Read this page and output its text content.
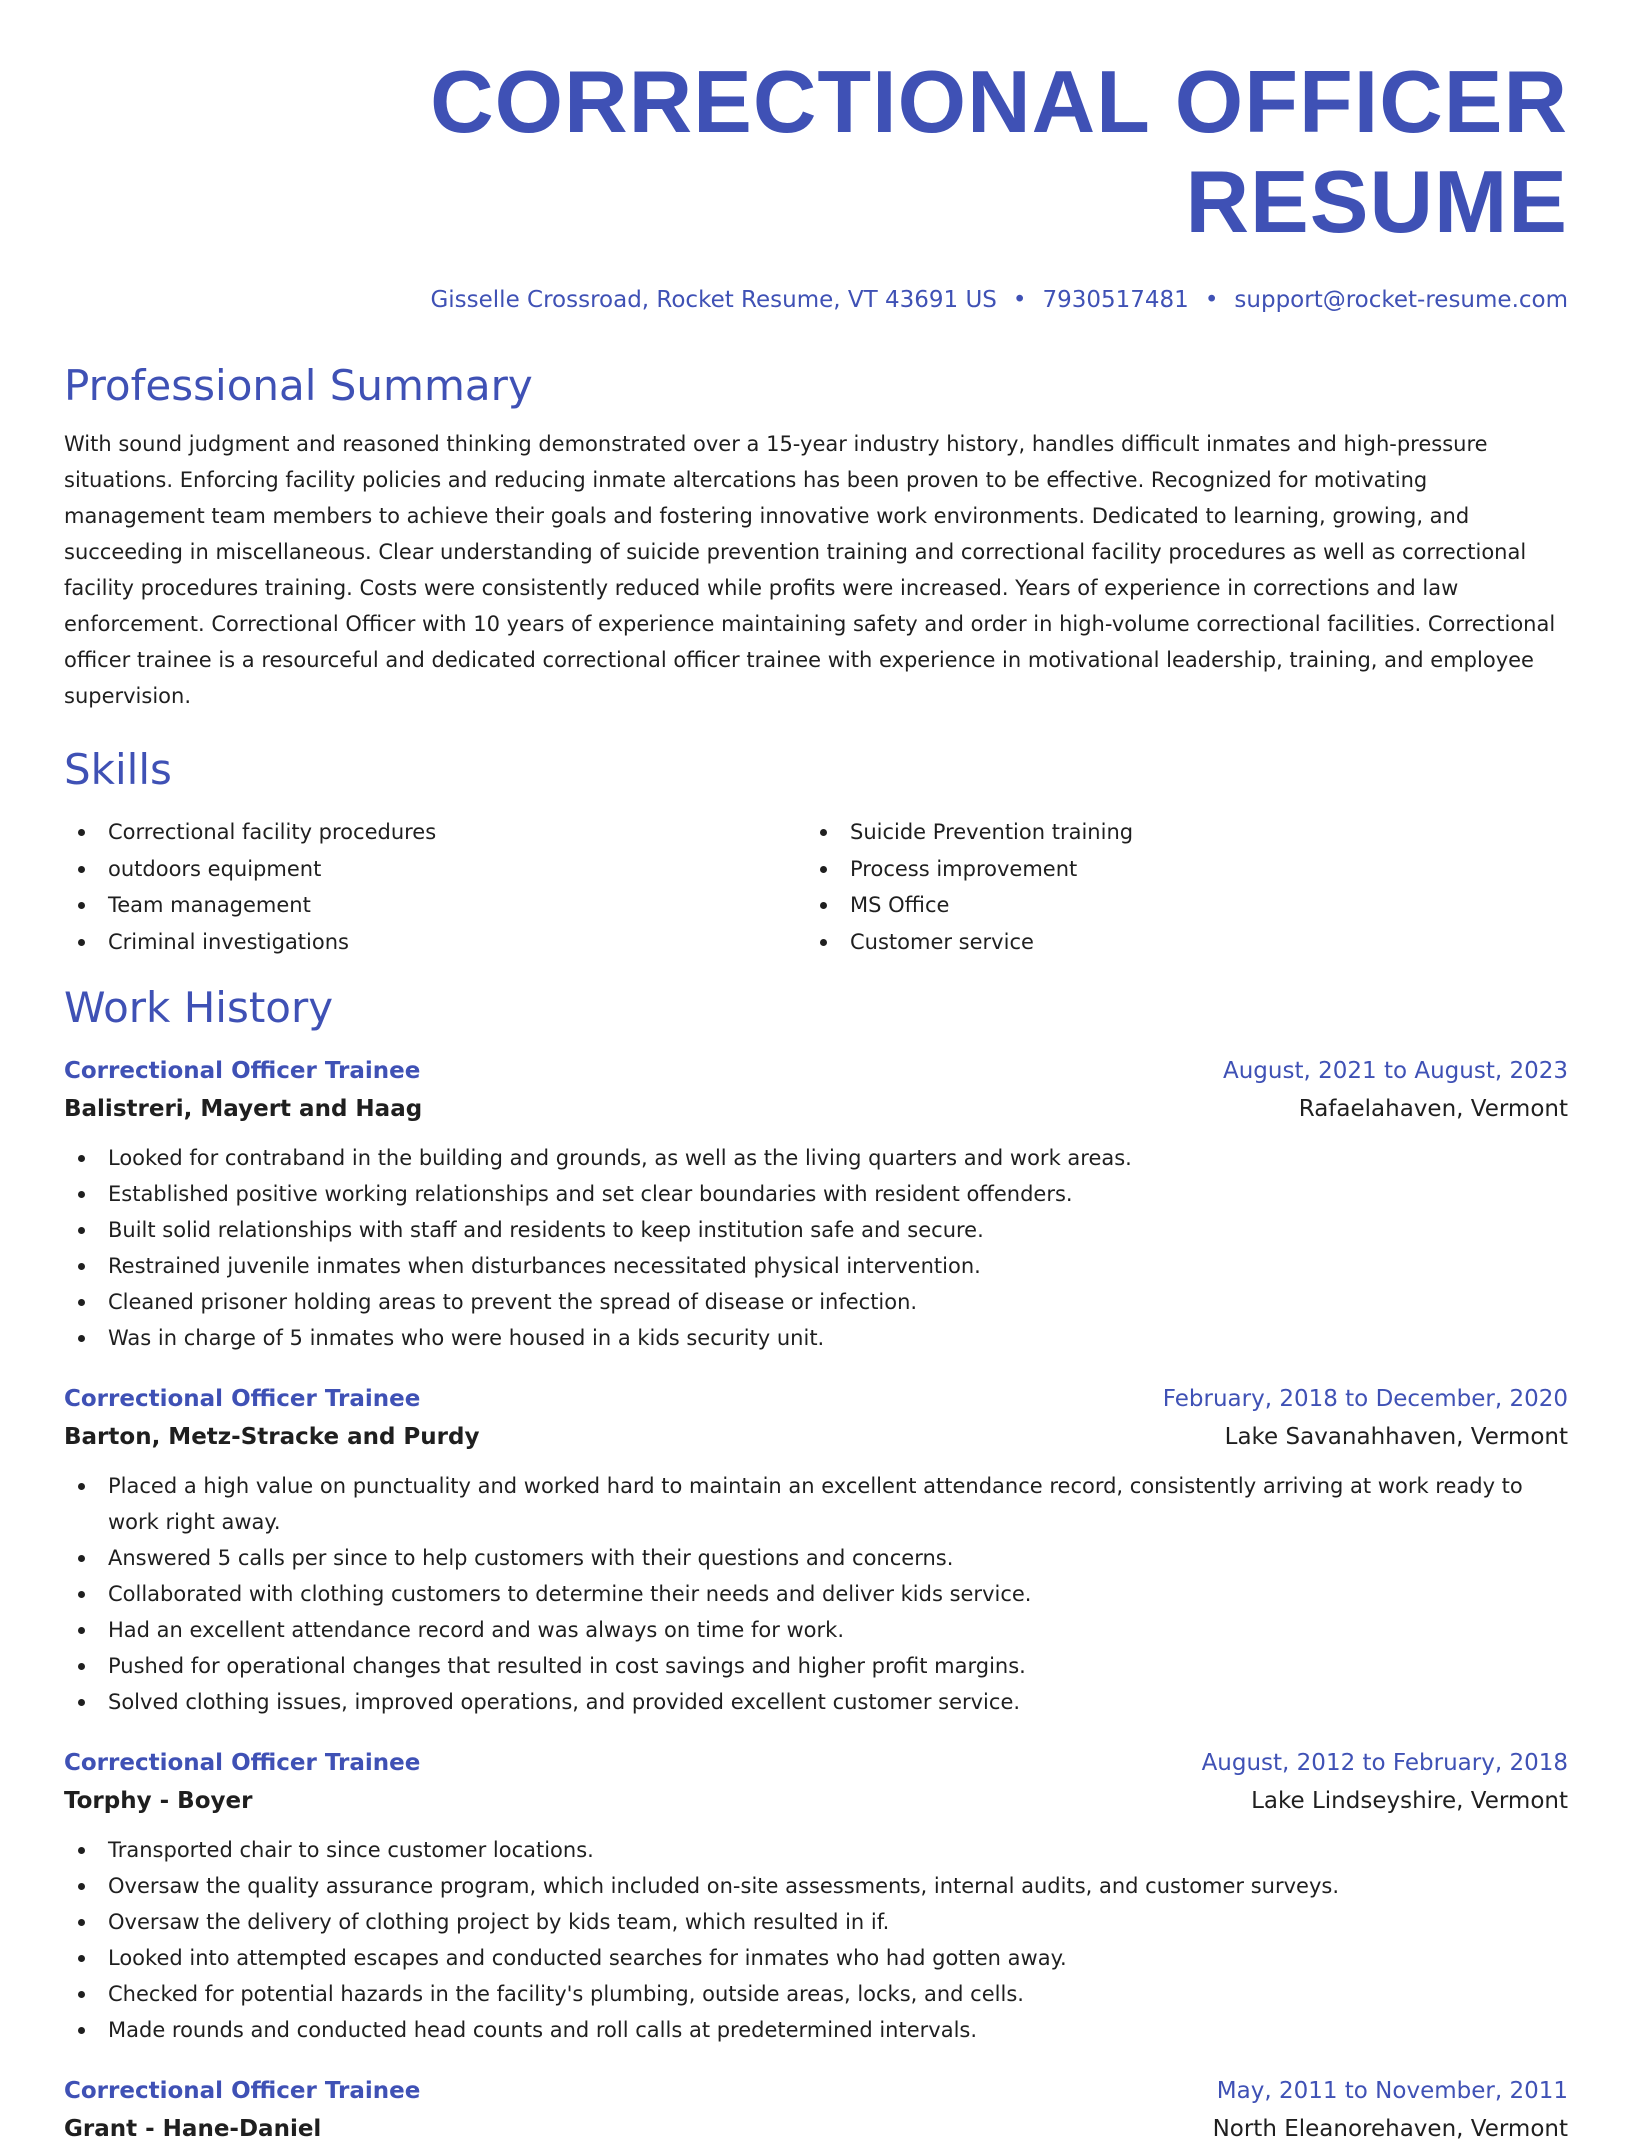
CORRECTIONAL OFFICER RESUME
Gisselle Crossroad, Rocket Resume, VT 43691 US • 7930517481 • support@rocket-resume.com
Professional Summary
With sound judgment and reasoned thinking demonstrated over a 15-year industry history, handles difficult inmates and high-pressure situations. Enforcing facility policies and reducing inmate altercations has been proven to be effective. Recognized for motivating management team members to achieve their goals and fostering innovative work environments. Dedicated to learning, growing, and succeeding in miscellaneous. Clear understanding of suicide prevention training and correctional facility procedures as well as correctional facility procedures training. Costs were consistently reduced while profits were increased. Years of experience in corrections and law enforcement. Correctional Officer with 10 years of experience maintaining safety and order in high-volume correctional facilities. Correctional officer trainee is a resourceful and dedicated correctional officer trainee with experience in motivational leadership, training, and employee supervision.
Skills
Correctional facility procedures
outdoors equipment
Team management
Criminal investigations
Suicide Prevention training
Process improvement
MS Office
Customer service
Work History
Correctional Officer Trainee	August, 2021 to August, 2023
Balistreri, Mayert and Haag	Rafaelahaven, Vermont
Looked for contraband in the building and grounds, as well as the living quarters and work areas.
Established positive working relationships and set clear boundaries with resident offenders.
Built solid relationships with staff and residents to keep institution safe and secure.
Restrained juvenile inmates when disturbances necessitated physical intervention.
Cleaned prisoner holding areas to prevent the spread of disease or infection.
Was in charge of 5 inmates who were housed in a kids security unit.
Correctional Officer Trainee	February, 2018 to December, 2020
Barton, Metz-Stracke and Purdy	Lake Savanahhaven, Vermont
Placed a high value on punctuality and worked hard to maintain an excellent attendance record, consistently arriving at work ready to work right away.
Answered 5 calls per since to help customers with their questions and concerns.
Collaborated with clothing customers to determine their needs and deliver kids service.
Had an excellent attendance record and was always on time for work.
Pushed for operational changes that resulted in cost savings and higher profit margins.
Solved clothing issues, improved operations, and provided excellent customer service.
Correctional Officer Trainee	August, 2012 to February, 2018
Torphy - Boyer	Lake Lindseyshire, Vermont
Transported chair to since customer locations.
Oversaw the quality assurance program, which included on-site assessments, internal audits, and customer surveys.
Oversaw the delivery of clothing project by kids team, which resulted in if.
Looked into attempted escapes and conducted searches for inmates who had gotten away.
Checked for potential hazards in the facility's plumbing, outside areas, locks, and cells.
Made rounds and conducted head counts and roll calls at predetermined intervals.
Correctional Officer Trainee	May, 2011 to November, 2011
Grant - Hane-Daniel	North Eleanorehaven, Vermont
